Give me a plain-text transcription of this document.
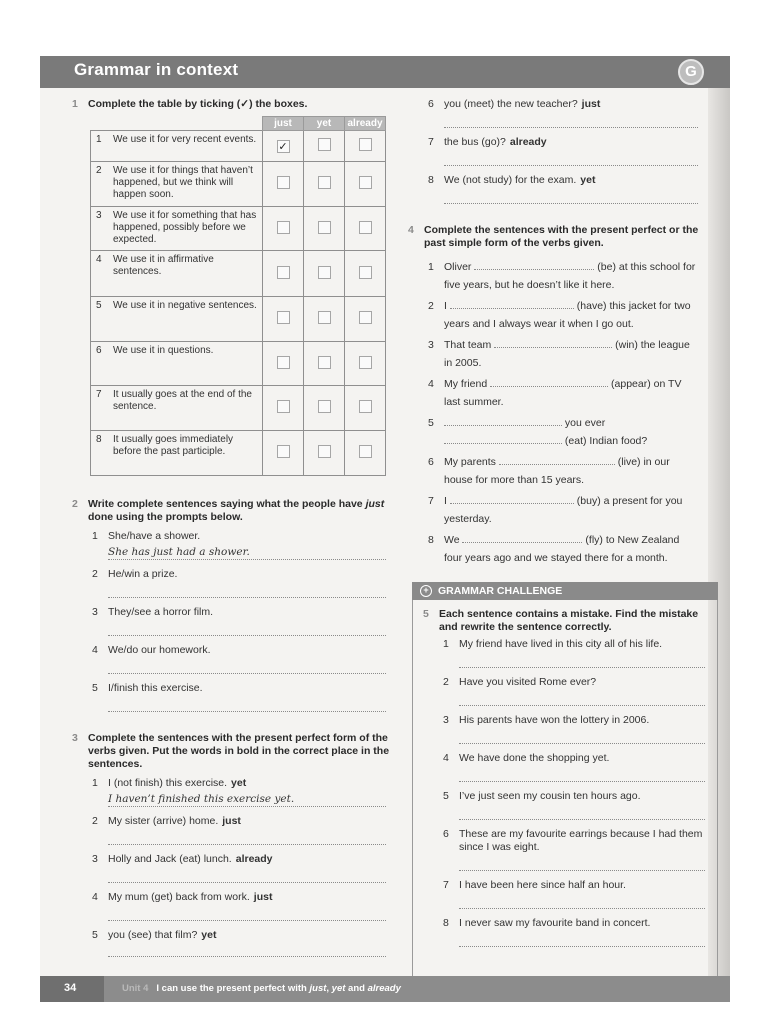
Grammar in context	G
1 Complete the table by ticking (✓) the boxes.
	just	yet	already

1 We use it for very recent events.	✓		

2 We use it for things that haven’t happened, but we think will happen soon.			

3 We use it for something that has happened, possibly before we expected.			

4 We use it in affirmative sentences.			

5 We use it in negative sentences.			

6 We use it in questions.			

7 It usually goes at the end of the sentence.			

8 It usually goes immediately before the past participle.			
2 Write complete sentences saying what the people have just done using the prompts below.
1 She/have a shower.
She has just had a shower.
2 He/win a prize.
3 They/see a horror film.
4 We/do our homework.
5 I/finish this exercise.
3 Complete the sentences with the present perfect form of the verbs given. Put the words in bold in the correct place in the sentences.
1 I (not finish) this exercise. yet
I haven’t finished this exercise yet.
2 My sister (arrive) home. just
3 Holly and Jack (eat) lunch. already
4 My mum (get) back from work. just
5 you (see) that film? yet
6 you (meet) the new teacher? just
7 the bus (go)? already
8 We (not study) for the exam. yet
4 Complete the sentences with the present perfect or the past simple form of the verbs given.
1 Oliver	(be) at this school for
five years, but he doesn’t like it here.
2 I	(have) this jacket for two
years and I always wear it when I go out.
3 That team	(win) the league
in 2005.
4 My friend	(appear) on TV
last summer.
5	you ever
(eat) Indian food?
6 My parents	(live) in our
house for more than 15 years.
7 I	(buy) a present for you
yesterday.
8 We	(fly) to New Zealand
four years ago and we stayed there for a month.
+ GRAMMAR CHALLENGE
5 Each sentence contains a mistake. Find the mistake and rewrite the sentence correctly.
1 My friend have lived in this city all of his life.
2 Have you visited Rome ever?
3 His parents have won the lottery in 2006.
4 We have done the shopping yet.
5 I’ve just seen my cousin ten hours ago.
6 These are my favourite earrings because I had them since I was eight.
7 I have been here since half an hour.
8 I never saw my favourite band in concert.
34	Unit 4 I can use the present perfect with just, yet and already
